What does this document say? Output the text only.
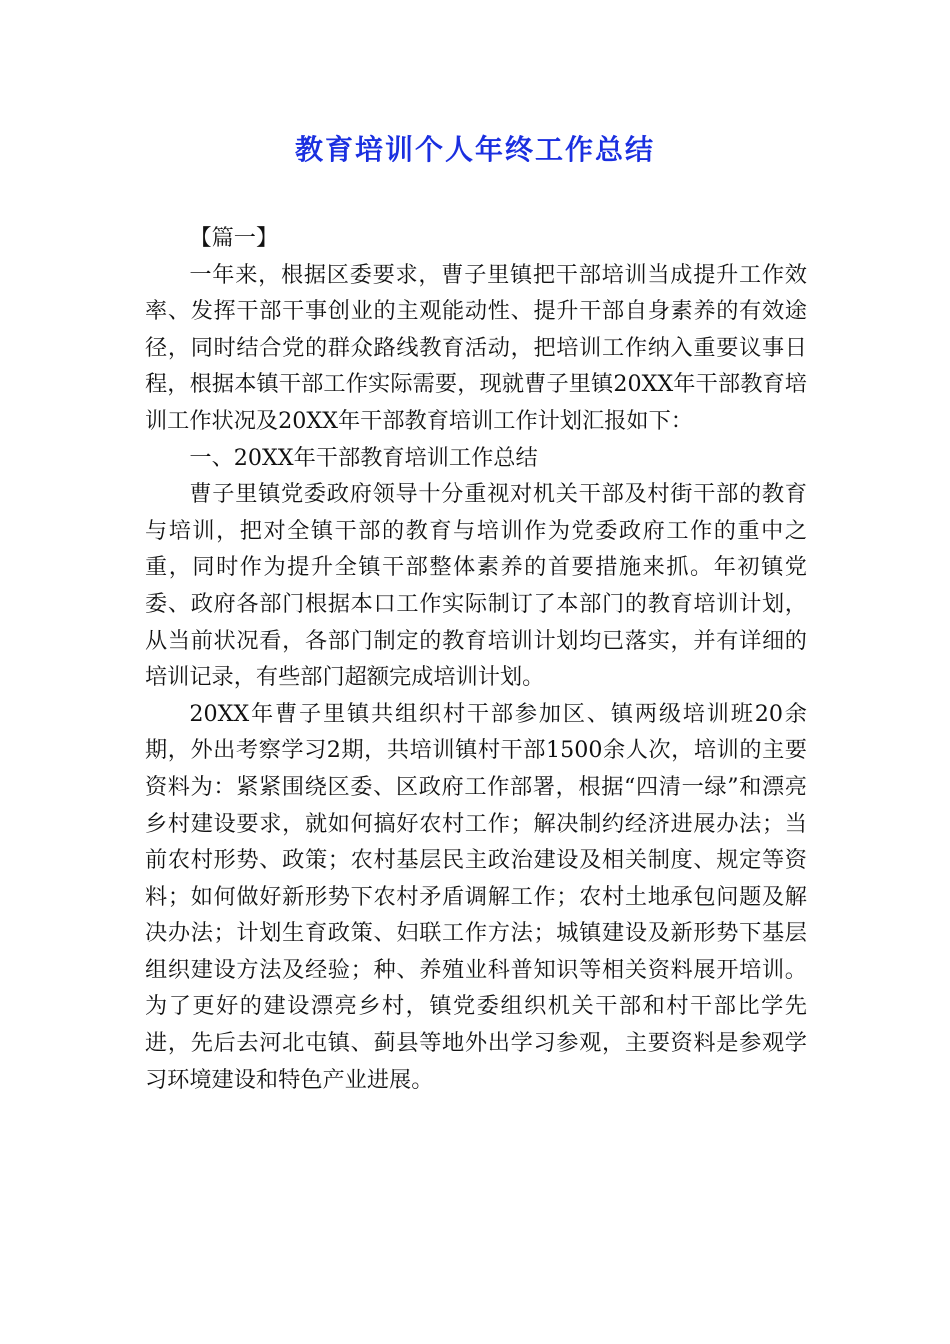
教育培训个人年终工作总结

【篇一】

一年来，根据区委要求，曹子里镇把干部培训当成提升工作效率、发挥干部干事创业的主观能动性、提升干部自身素养的有效途径，同时结合党的群众路线教育活动，把培训工作纳入重要议事日程，根据本镇干部工作实际需要，现就曹子里镇20XX年干部教育培训工作状况及20XX年干部教育培训工作计划汇报如下：

一、20XX年干部教育培训工作总结

曹子里镇党委政府领导十分重视对机关干部及村街干部的教育与培训，把对全镇干部的教育与培训作为党委政府工作的重中之重，同时作为提升全镇干部整体素养的首要措施来抓。年初镇党委、政府各部门根据本口工作实际制订了本部门的教育培训计划，从当前状况看，各部门制定的教育培训计划均已落实，并有详细的培训记录，有些部门超额完成培训计划。

20XX年曹子里镇共组织村干部参加区、镇两级培训班20余期，外出考察学习2期，共培训镇村干部1500余人次，培训的主要资料为：紧紧围绕区委、区政府工作部署，根据“四清一绿”和漂亮乡村建设要求，就如何搞好农村工作；解决制约经济进展办法；当前农村形势、政策；农村基层民主政治建设及相关制度、规定等资料；如何做好新形势下农村矛盾调解工作；农村土地承包问题及解决办法；计划生育政策、妇联工作方法；城镇建设及新形势下基层组织建设方法及经验；种、养殖业科普知识等相关资料展开培训。为了更好的建设漂亮乡村，镇党委组织机关干部和村干部比学先进，先后去河北屯镇、蓟县等地外出学习参观，主要资料是参观学习环境建设和特色产业进展。
